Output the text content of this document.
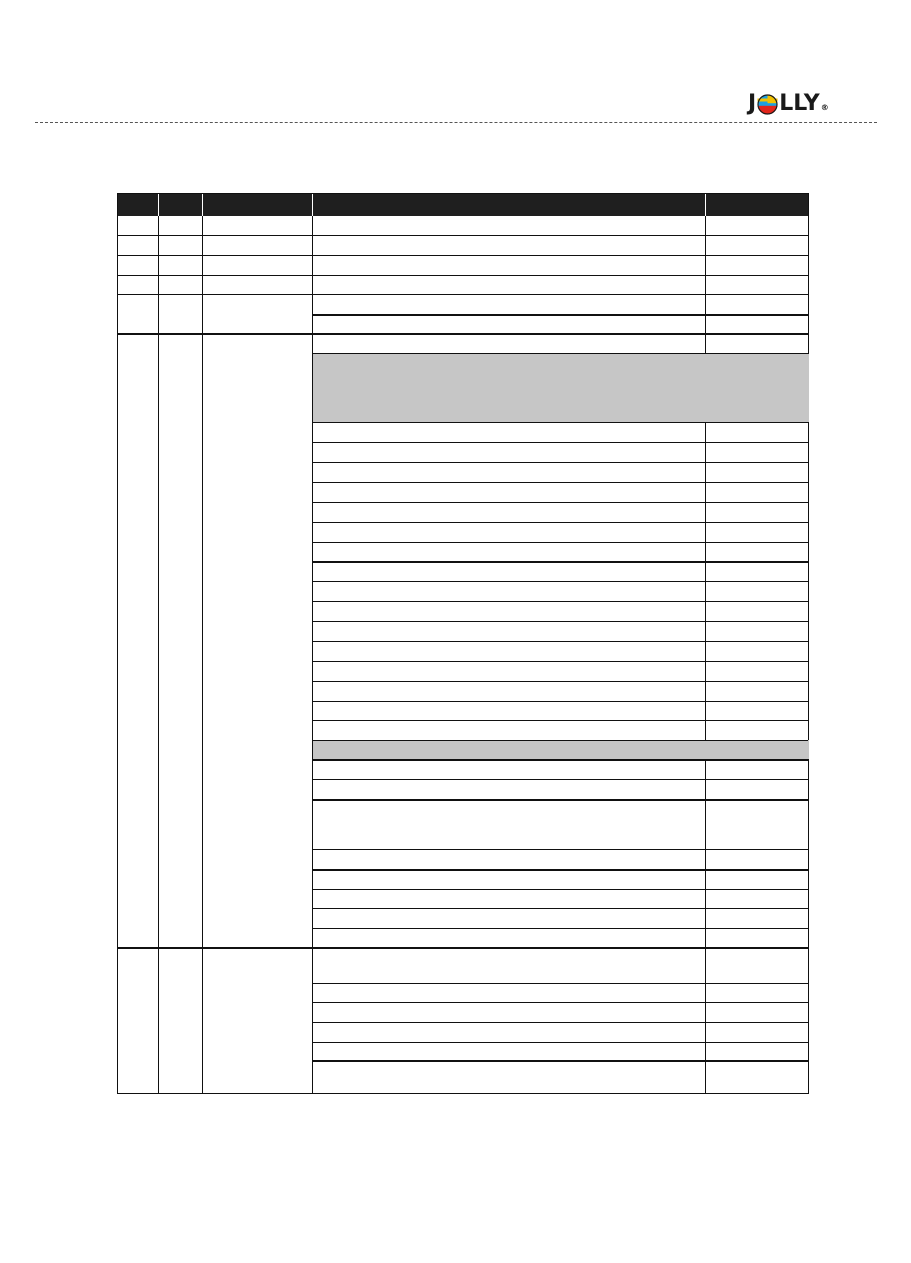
J LLY ®
